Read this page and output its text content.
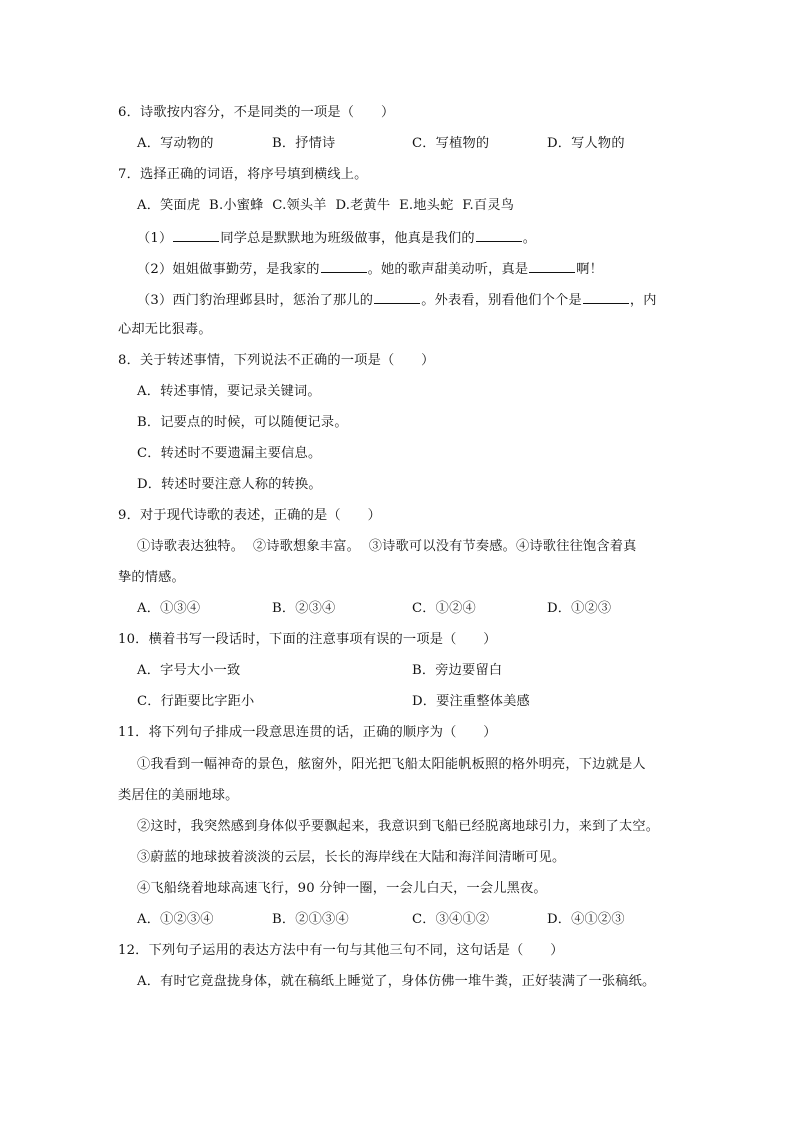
6．诗歌按内容分，不是同类的一项是（　　）
A．写动物的	B．抒情诗	C．写植物的	D．写人物的
7．选择正确的词语，将序号填到横线上。
A．笑面虎  B.小蜜蜂  C.领头羊  D.老黄牛  E.地头蛇  F.百灵鸟
（1）	同学总是默默地为班级做事，他真是我们的	。
（2）姐姐做事勤劳，是我家的	。她的歌声甜美动听，真是	啊！
（3）西门豹治理邺县时，惩治了那儿的	。外表看，别看他们个个是	，内
心却无比狠毒。
8．关于转述事情，下列说法不正确的一项是（　　）
A．转述事情，要记录关键词。
B．记要点的时候，可以随便记录。
C．转述时不要遗漏主要信息。
D．转述时要注意人称的转换。
9．对于现代诗歌的表述，正确的是（　　）
①诗歌表达独特。  ②诗歌想象丰富。  ③诗歌可以没有节奏感。④诗歌往往饱含着真
挚的情感。
A．①③④	B．②③④	C．①②④	D．①②③
10．横着书写一段话时，下面的注意事项有误的一项是（　　）
A．字号大小一致	B．旁边要留白
C．行距要比字距小	D．要注重整体美感
11．将下列句子排成一段意思连贯的话，正确的顺序为（　　）
①我看到一幅神奇的景色，舷窗外，阳光把飞船太阳能帆板照的格外明亮，下边就是人
类居住的美丽地球。
②这时，我突然感到身体似乎要飘起来，我意识到飞船已经脱离地球引力，来到了太空。
③蔚蓝的地球披着淡淡的云层，长长的海岸线在大陆和海洋间清晰可见。
④飞船绕着地球高速飞行，90 分钟一圈，一会儿白天，一会儿黑夜。
A．①②③④	B．②①③④	C．③④①②	D．④①②③
12．下列句子运用的表达方法中有一句与其他三句不同，这句话是（　　）
A．有时它竟盘拢身体，就在稿纸上睡觉了，身体仿佛一堆牛粪，正好装满了一张稿纸。
